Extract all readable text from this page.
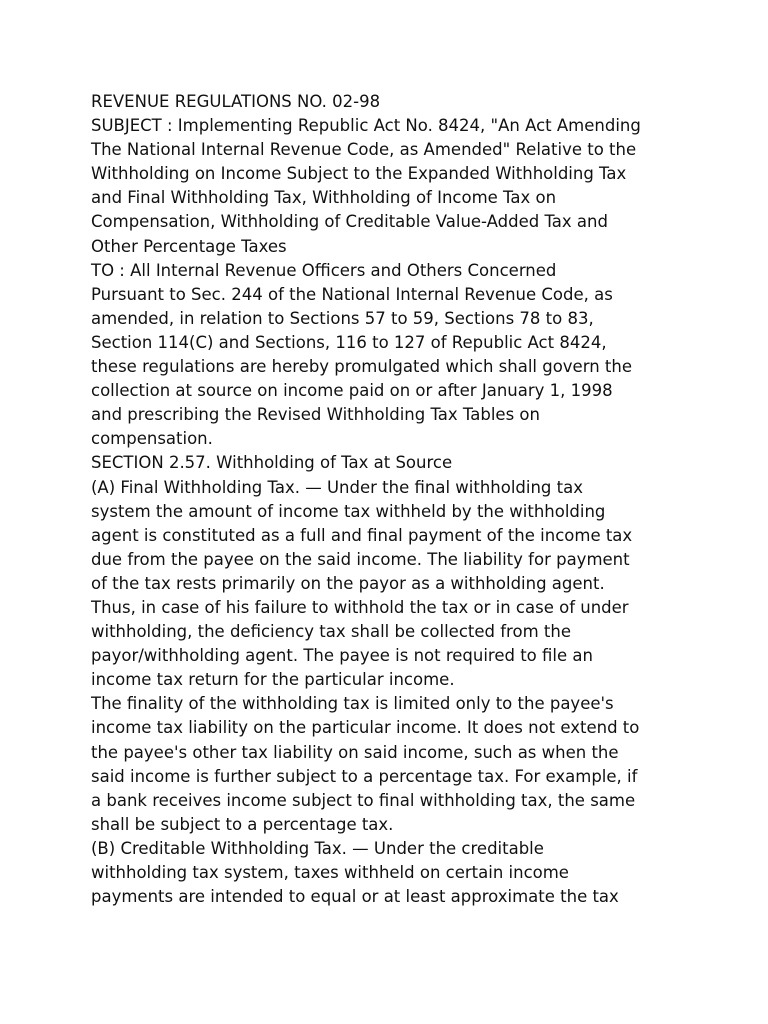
REVENUE REGULATIONS NO. 02-98

SUBJECT : Implementing Republic Act No. 8424, "An Act Amending

The National Internal Revenue Code, as Amended" Relative to the

Withholding on Income Subject to the Expanded Withholding Tax

and Final Withholding Tax, Withholding of Income Tax on

Compensation, Withholding of Creditable Value-Added Tax and

Other Percentage Taxes

TO : All Internal Revenue Officers and Others Concerned

Pursuant to Sec. 244 of the National Internal Revenue Code, as

amended, in relation to Sections 57 to 59, Sections 78 to 83,

Section 114(C) and Sections, 116 to 127 of Republic Act 8424,

these regulations are hereby promulgated which shall govern the

collection at source on income paid on or after January 1, 1998

and prescribing the Revised Withholding Tax Tables on

compensation.

SECTION 2.57. Withholding of Tax at Source

(A) Final Withholding Tax. — Under the final withholding tax

system the amount of income tax withheld by the withholding

agent is constituted as a full and final payment of the income tax

due from the payee on the said income. The liability for payment

of the tax rests primarily on the payor as a withholding agent.

Thus, in case of his failure to withhold the tax or in case of under

withholding, the deficiency tax shall be collected from the

payor/withholding agent. The payee is not required to file an

income tax return for the particular income.

The finality of the withholding tax is limited only to the payee's

income tax liability on the particular income. It does not extend to

the payee's other tax liability on said income, such as when the

said income is further subject to a percentage tax. For example, if

a bank receives income subject to final withholding tax, the same

shall be subject to a percentage tax.

(B) Creditable Withholding Tax. — Under the creditable

withholding tax system, taxes withheld on certain income

payments are intended to equal or at least approximate the tax
